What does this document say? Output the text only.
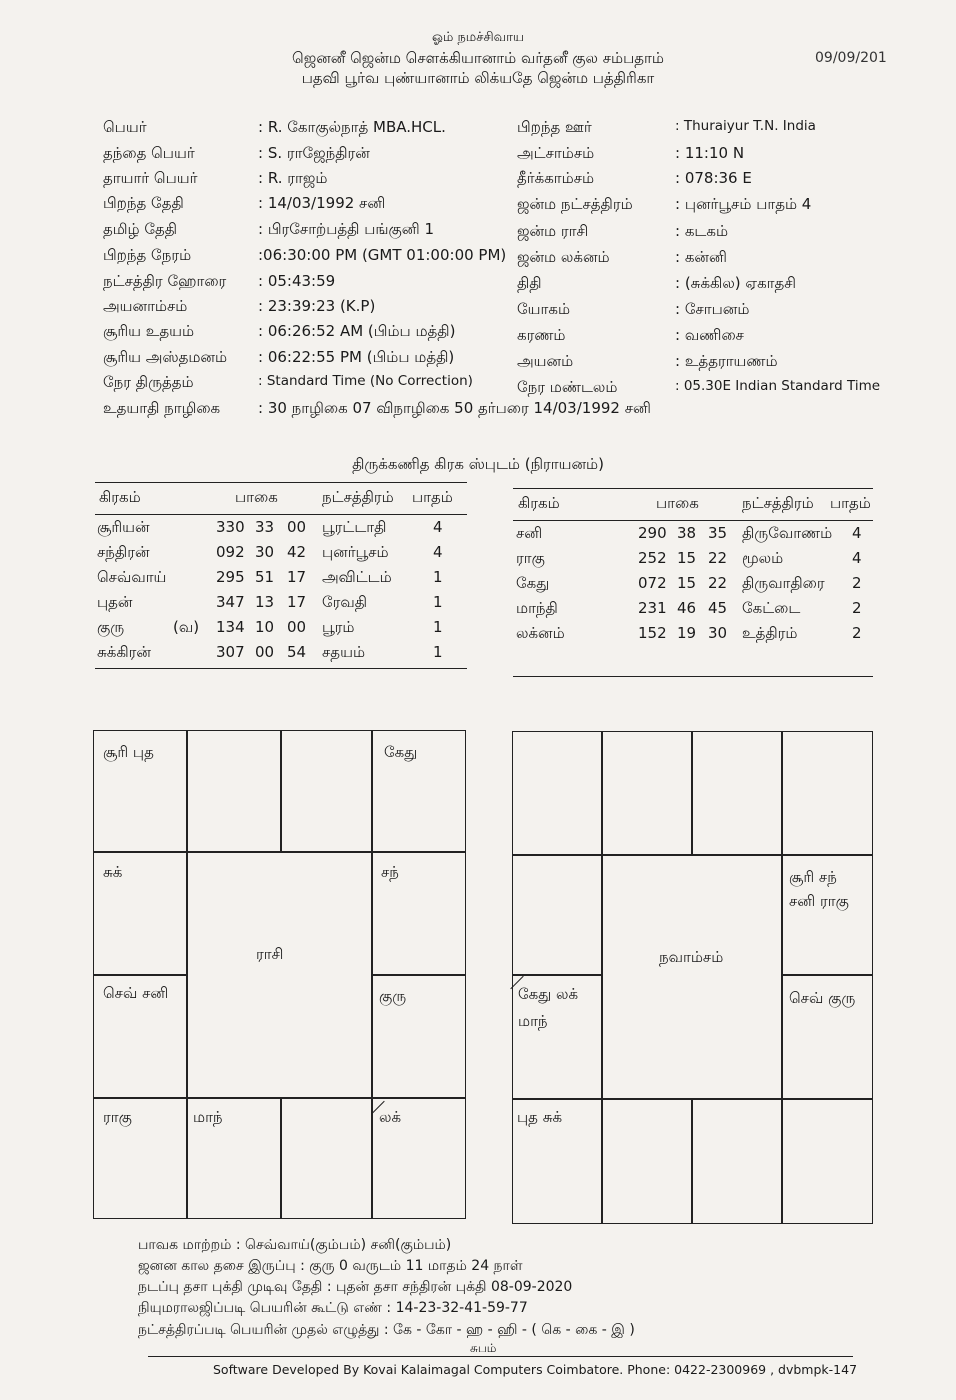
ஓம் நமச்சிவாய
ஜெனனீ ஜென்ம சௌக்கியானாம் வர்தனீ குல சம்பதாம்
பதவி பூர்வ புண்யானாம் லிக்யதே ஜென்ம பத்திரிகா
09/09/201
பெயர்	: R. கோகுல்நாத் MBA.HCL.
தந்தை பெயர்	: S. ராஜேந்திரன்
தாயார் பெயர்	: R. ராஜம்
பிறந்த தேதி	: 14/03/1992 சனி
தமிழ் தேதி	: பிரசோற்பத்தி பங்குனி 1
பிறந்த நேரம்	:06:30:00 PM (GMT 01:00:00 PM)
நட்சத்திர ஹோரை : 05:43:59
அயனாம்சம்	: 23:39:23 (K.P)
சூரிய உதயம்	: 06:26:52 AM (பிம்ப மத்தி)
சூரிய அஸ்தமனம் : 06:22:55 PM (பிம்ப மத்தி)
நேர திருத்தம்	: Standard Time (No Correction)
உதயாதி நாழிகை	: 30 நாழிகை 07 விநாழிகை 50 தர்பரை 14/03/1992 சனி
பிறந்த ஊர்	: Thuraiyur T.N. India
அட்சாம்சம்	: 11:10 N
தீர்க்காம்சம்	: 078:36 E
ஜன்ம நட்சத்திரம்	: புனர்பூசம் பாதம் 4
ஜன்ம ராசி	: கடகம்
ஜன்ம லக்னம்	: கன்னி
திதி	: (சுக்கில) ஏகாதசி
யோகம்	: சோபனம்
கரணம்	: வணிசை
அயனம்	: உத்தராயணம்
நேர மண்டலம்	: 05.30E Indian Standard Time
திருக்கணித கிரக ஸ்புடம் (நிராயனம்)
கிரகம்	பாகை	நட்சத்திரம் பாதம்
சூரியன்	330 33 00 பூரட்டாதி	4
சந்திரன்	092 30 42 புனர்பூசம்	4
செவ்வாய்	295 51 17 அவிட்டம்	1
புதன்	347 13 17 ரேவதி	1
குரு	(வ) 134 10 00 பூரம்	1
சுக்கிரன்	307 00 54 சதயம்	1
கிரகம்	பாகை	நட்சத்திரம் பாதம்
சனி	290 38 35 திருவோணம் 4
ராகு	252 15 22 மூலம்	4
கேது	072 15 22 திருவாதிரை 2
மாந்தி	231 46 45 கேட்டை	2
லக்னம்	152 19 30 உத்திரம்	2
சூரி புத	கேது
சுக்	சந்
ராசி
செவ் சனி	குரு
ராகு	மாந்	லக்
சூரி சந்
சனி ராகு
நவாம்சம்
கேது லக்
மாந்
செவ் குரு
புத சுக்
பாவக மாற்றம் : செவ்வாய்(கும்பம்) சனி(கும்பம்)
ஜனன கால தசை இருப்பு : குரு 0 வருடம் 11 மாதம் 24 நாள்
நடப்பு தசா புக்தி முடிவு தேதி : புதன் தசா சந்திரன் புக்தி 08-09-2020
நியுமராலஜிப்படி பெயரின் கூட்டு எண் : 14-23-32-41-59-77
நட்சத்திரப்படி பெயரின் முதல் எழுத்து : கே - கோ - ஹ - ஹி - ( கெ - கை - இ )
சுபம்
Software Developed By Kovai Kalaimagal Computers Coimbatore. Phone: 0422-2300969 , dvbmpk-147
